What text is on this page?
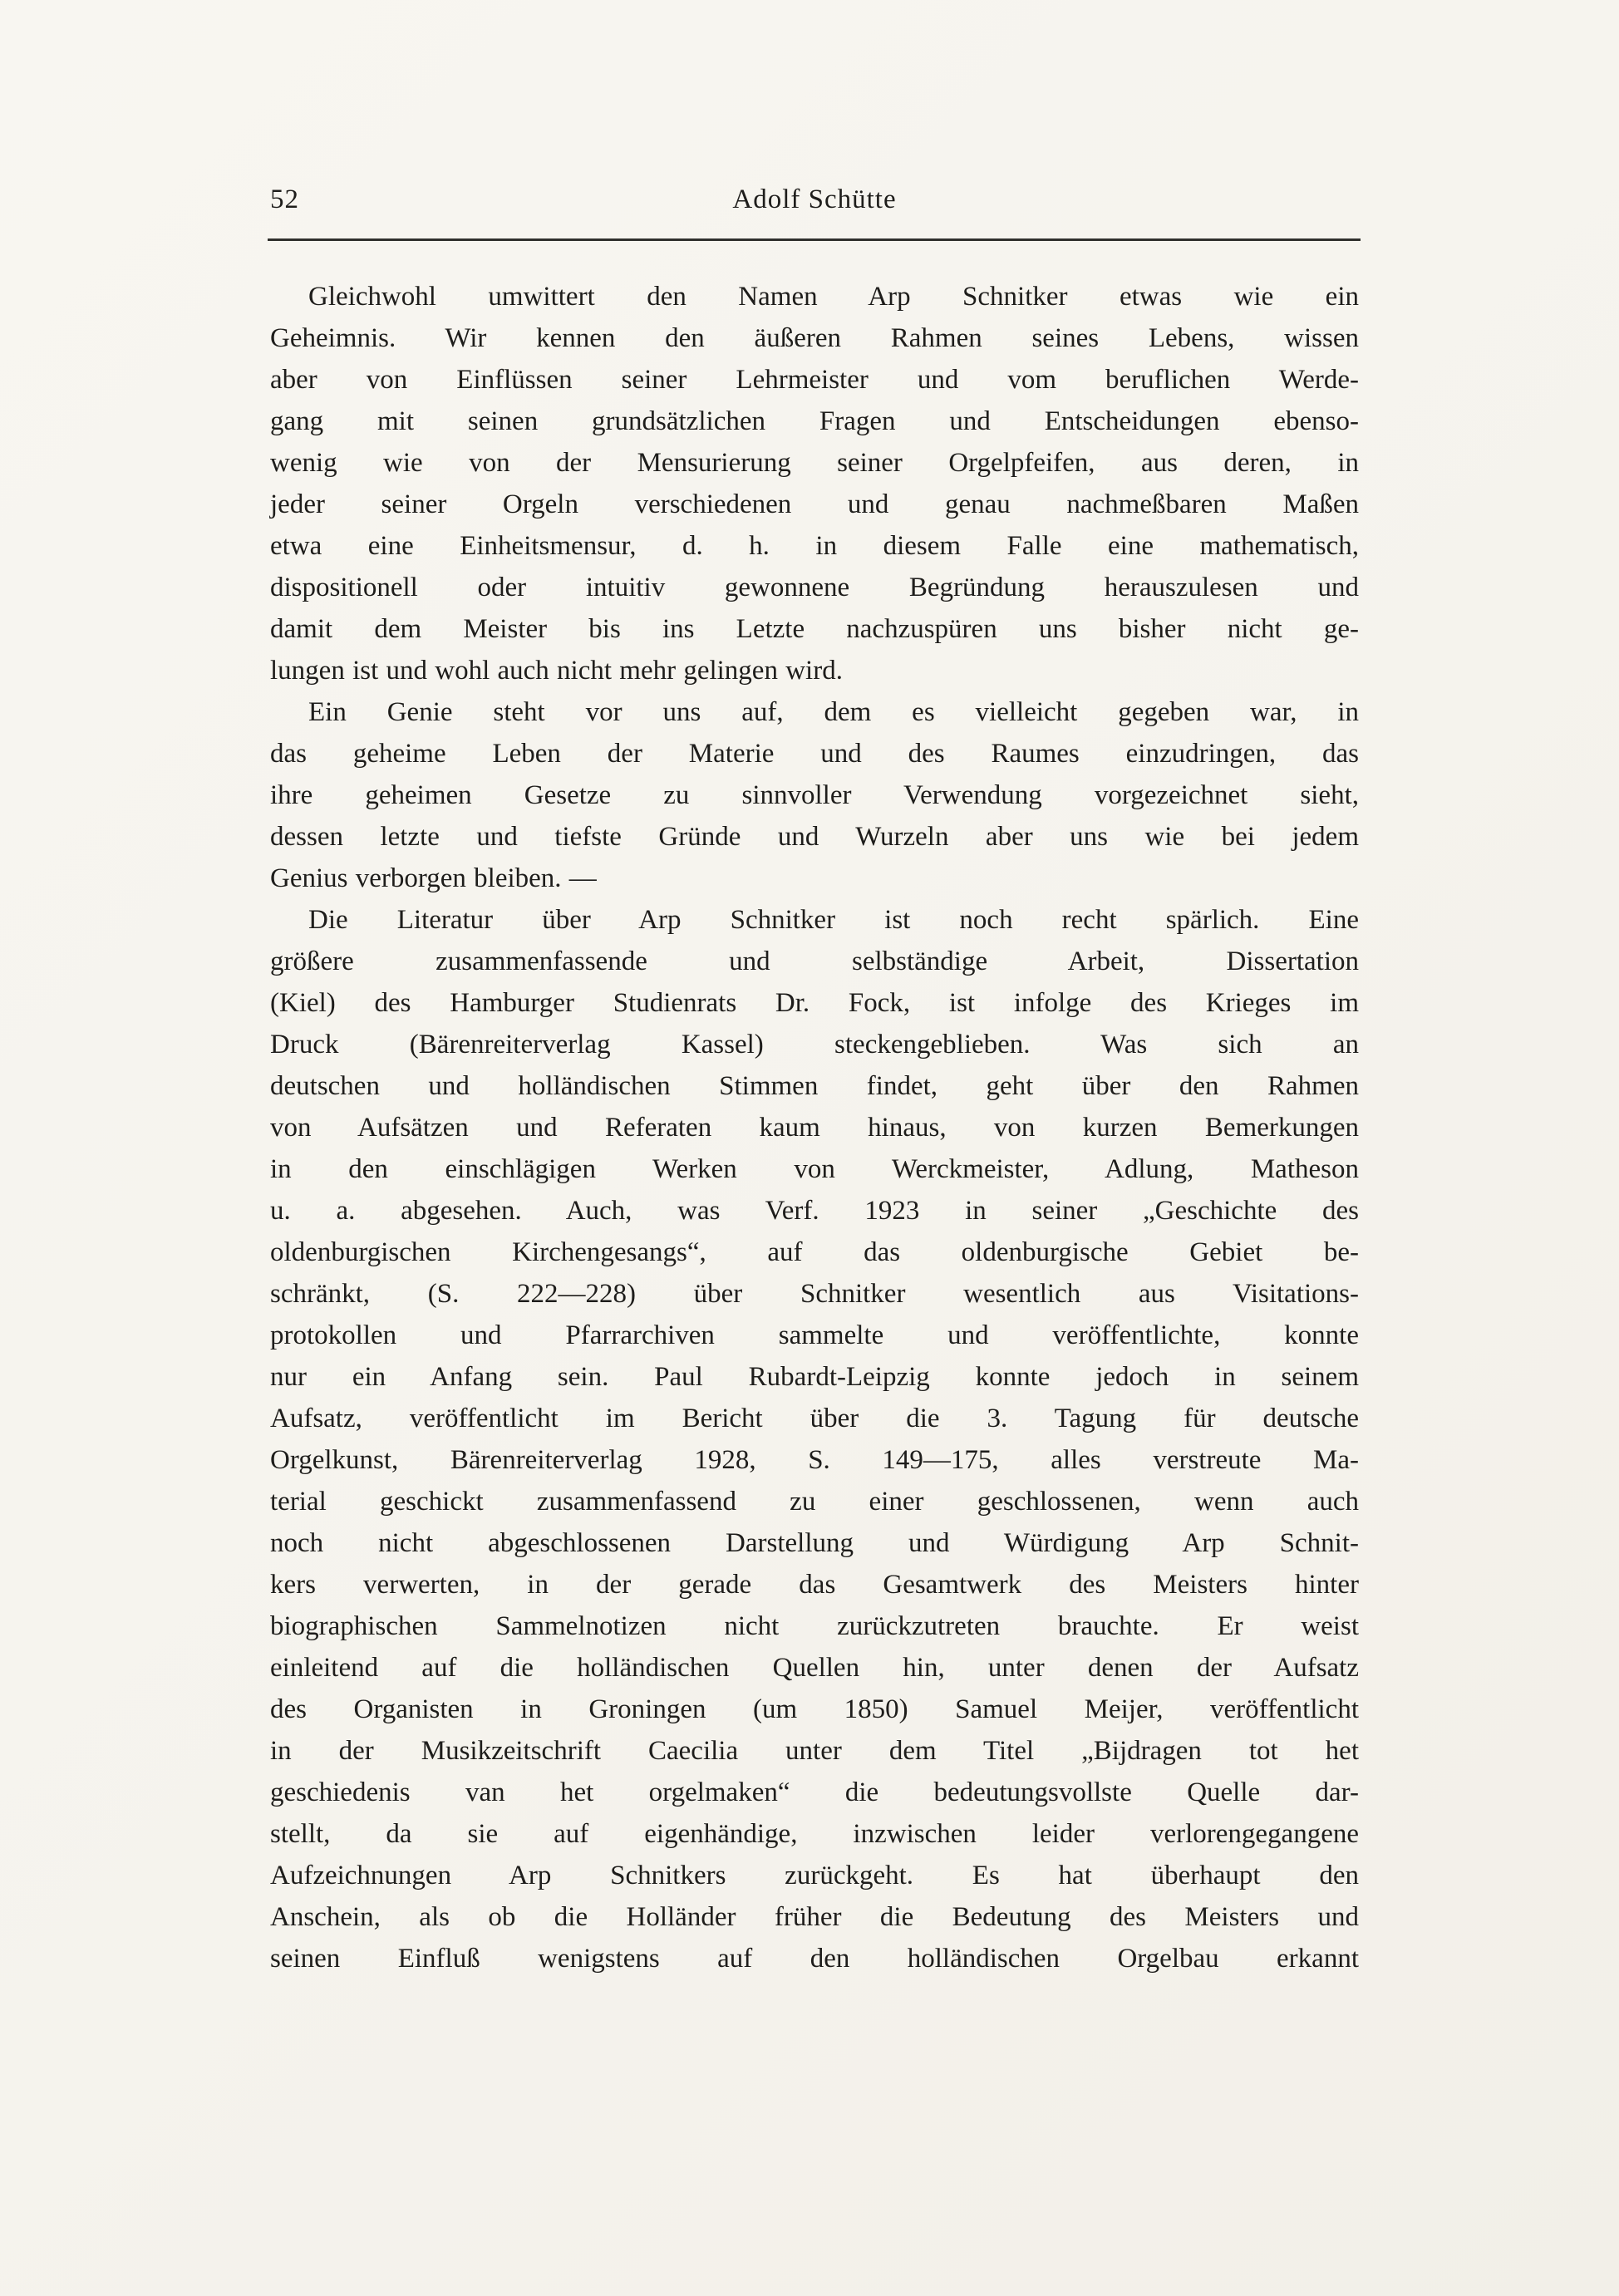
52	Adolf Schütte
Gleichwohl umwittert den Namen Arp Schnitker etwas wie ein
Geheimnis. Wir kennen den äußeren Rahmen seines Lebens, wissen
aber von Einflüssen seiner Lehrmeister und vom beruflichen Werde-
gang mit seinen grundsätzlichen Fragen und Entscheidungen ebenso-
wenig wie von der Mensurierung seiner Orgelpfeifen, aus deren, in
jeder seiner Orgeln verschiedenen und genau nachmeßbaren Maßen
etwa eine Einheitsmensur, d. h. in diesem Falle eine mathematisch,
dispositionell oder intuitiv gewonnene Begründung herauszulesen und
damit dem Meister bis ins Letzte nachzuspüren uns bisher nicht ge-
lungen ist und wohl auch nicht mehr gelingen wird.
Ein Genie steht vor uns auf, dem es vielleicht gegeben war, in
das geheime Leben der Materie und des Raumes einzudringen, das
ihre geheimen Gesetze zu sinnvoller Verwendung vorgezeichnet sieht,
dessen letzte und tiefste Gründe und Wurzeln aber uns wie bei jedem
Genius verborgen bleiben. —
Die Literatur über Arp Schnitker ist noch recht spärlich. Eine
größere zusammenfassende und selbständige Arbeit, Dissertation
(Kiel) des Hamburger Studienrats Dr. Fock, ist infolge des Krieges im
Druck (Bärenreiterverlag Kassel) steckengeblieben. Was sich an
deutschen und holländischen Stimmen findet, geht über den Rahmen
von Aufsätzen und Referaten kaum hinaus, von kurzen Bemerkungen
in den einschlägigen Werken von Werckmeister, Adlung, Matheson
u. a. abgesehen. Auch, was Verf. 1923 in seiner „Geschichte des
oldenburgischen Kirchengesangs“, auf das oldenburgische Gebiet be-
schränkt, (S. 222—228) über Schnitker wesentlich aus Visitations-
protokollen und Pfarrarchiven sammelte und veröffentlichte, konnte
nur ein Anfang sein. Paul Rubardt-Leipzig konnte jedoch in seinem
Aufsatz, veröffentlicht im Bericht über die 3. Tagung für deutsche
Orgelkunst, Bärenreiterverlag 1928, S. 149—175, alles verstreute Ma-
terial geschickt zusammenfassend zu einer geschlossenen, wenn auch
noch nicht abgeschlossenen Darstellung und Würdigung Arp Schnit-
kers verwerten, in der gerade das Gesamtwerk des Meisters hinter
biographischen Sammelnotizen nicht zurückzutreten brauchte. Er weist
einleitend auf die holländischen Quellen hin, unter denen der Aufsatz
des Organisten in Groningen (um 1850) Samuel Meijer, veröffentlicht
in der Musikzeitschrift Caecilia unter dem Titel „Bijdragen tot het
geschiedenis van het orgelmaken“ die bedeutungsvollste Quelle dar-
stellt, da sie auf eigenhändige, inzwischen leider verlorengegangene
Aufzeichnungen Arp Schnitkers zurückgeht. Es hat überhaupt den
Anschein, als ob die Holländer früher die Bedeutung des Meisters und
seinen Einfluß wenigstens auf den holländischen Orgelbau erkannt
